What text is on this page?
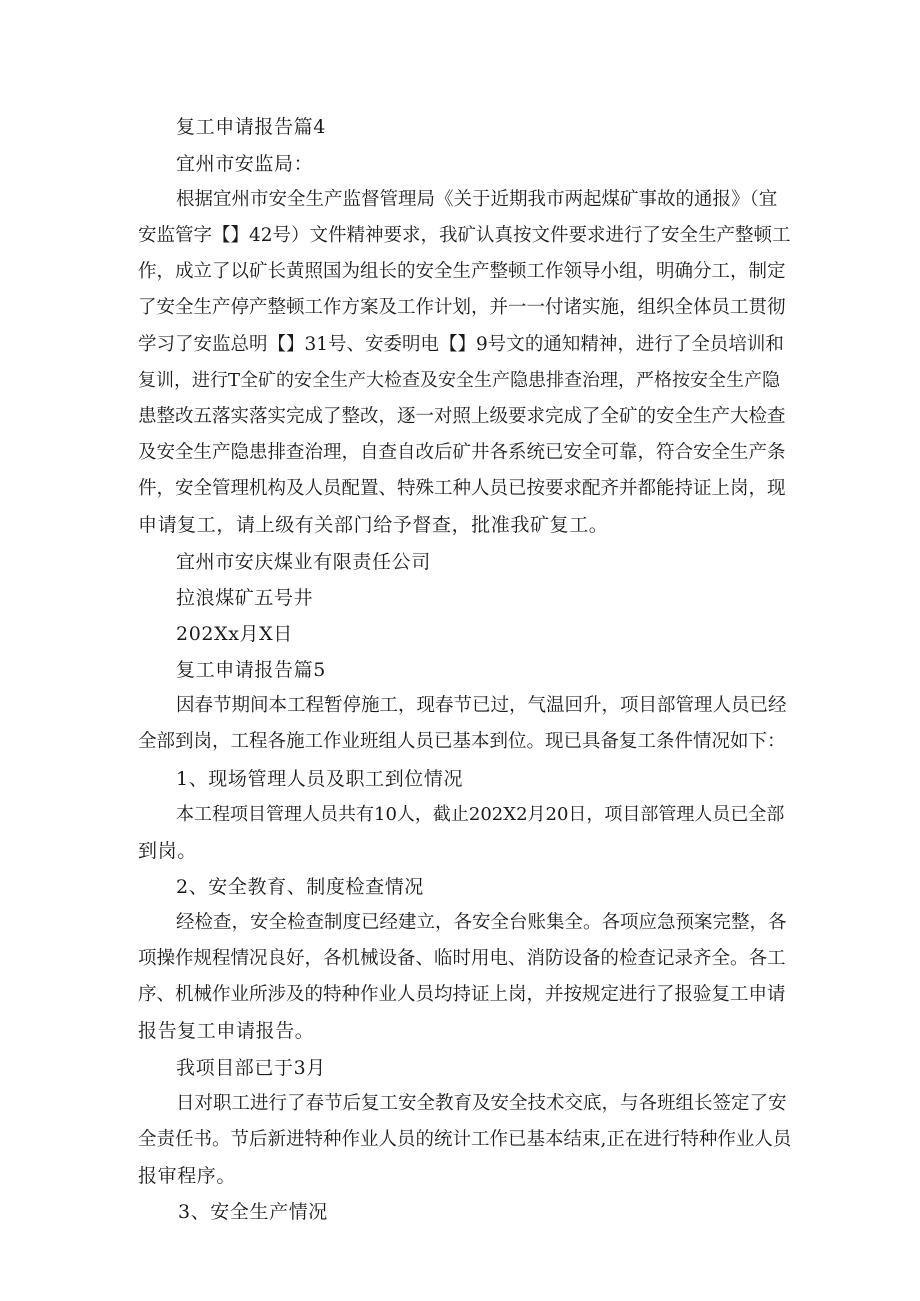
复工申请报告篇4
宜州市安监局：
根据宜州市安全生产监督管理局《关于近期我市两起煤矿事故的通报》（宜
安监管字【】42号）文件精神要求，我矿认真按文件要求进行了安全生产整顿工
作，成立了以矿长黄照国为组长的安全生产整顿工作领导小组，明确分工，制定
了安全生产停产整顿工作方案及工作计划，并一一付诸实施，组织全体员工贯彻
学习了安监总明【】31号、安委明电【】9号文的通知精神，进行了全员培训和
复训，进行T全矿的安全生产大检查及安全生产隐患排查治理，严格按安全生产隐
患整改五落实落实完成了整改，逐一对照上级要求完成了全矿的安全生产大检查
及安全生产隐患排查治理，自查自改后矿井各系统已安全可靠，符合安全生产条
件，安全管理机构及人员配置、特殊工种人员已按要求配齐并都能持证上岗，现
申请复工，请上级有关部门给予督查，批准我矿复工。
宜州市安庆煤业有限责任公司
拉浪煤矿五号井
202Xx月X日
复工申请报告篇5
因春节期间本工程暂停施工，现春节已过，气温回升，项目部管理人员已经
全部到岗，工程各施工作业班组人员已基本到位。现已具备复工条件情况如下：
1、现场管理人员及职工到位情况
本工程项目管理人员共有10人，截止202X2月20日，项目部管理人员已全部
到岗。
2、安全教育、制度检查情况
经检查，安全检查制度已经建立，各安全台账集全。各项应急预案完整，各
项操作规程情况良好，各机械设备、临时用电、消防设备的检查记录齐全。各工
序、机械作业所涉及的特种作业人员均持证上岗，并按规定进行了报验复工申请
报告复工申请报告。
我项目部已于3月
日对职工进行了春节后复工安全教育及安全技术交底，与各班组长签定了安
全责任书。节后新进特种作业人员的统计工作已基本结束,正在进行特种作业人员
报审程序。
3、安全生产情况
